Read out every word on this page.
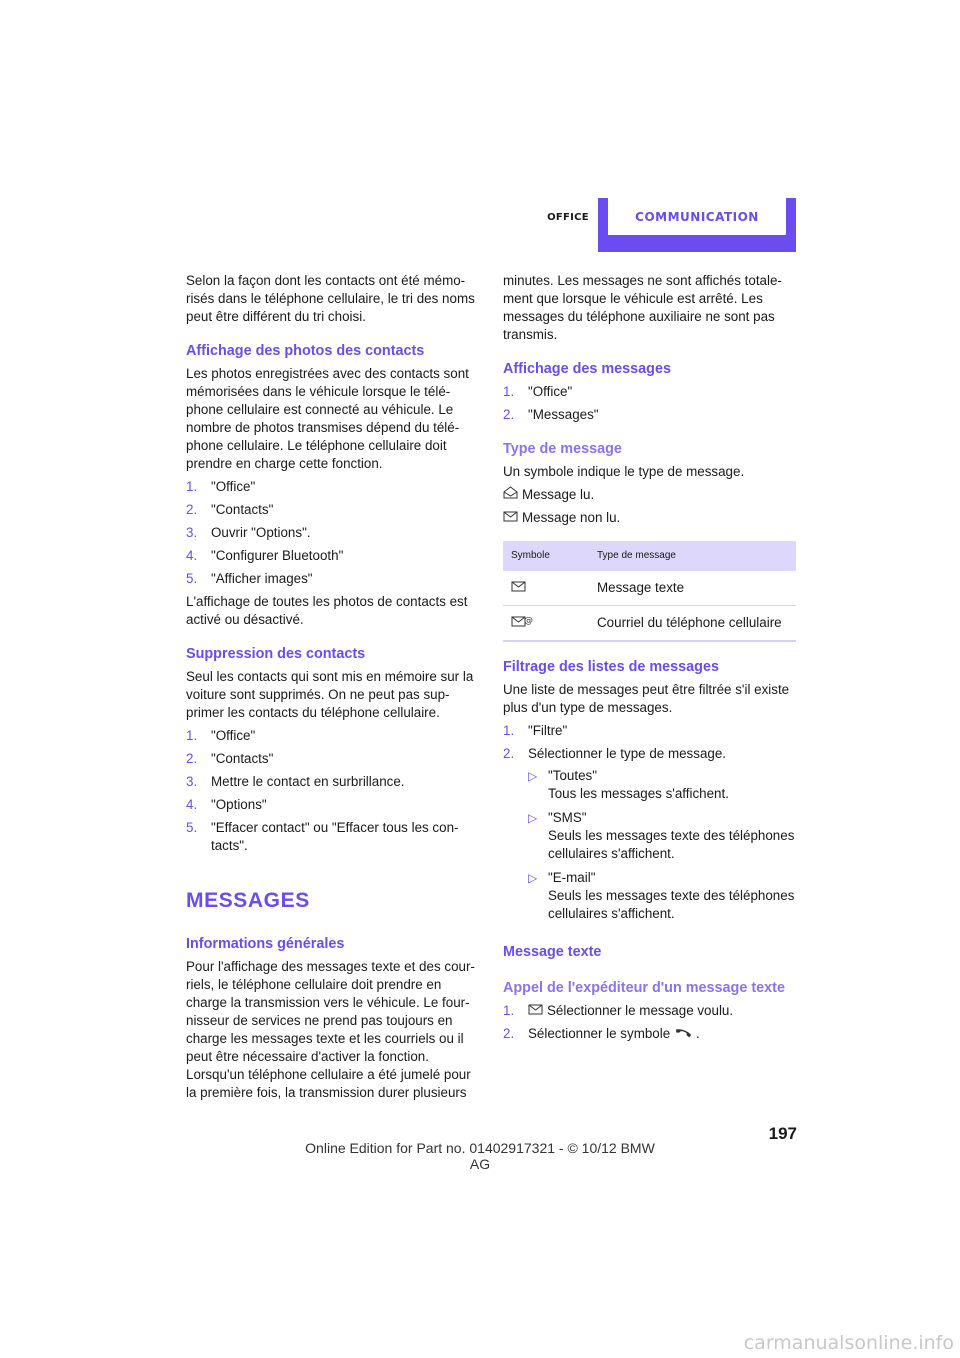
OFFICE	COMMUNICATION

Selon la façon dont les contacts ont été mémo-risés dans le téléphone cellulaire, le tri des noms peut être différent du tri choisi.

Affichage des photos des contacts

Les photos enregistrées avec des contacts sont mémorisées dans le véhicule lorsque le télé-phone cellulaire est connecté au véhicule. Le nombre de photos transmises dépend du télé-phone cellulaire. Le téléphone cellulaire doit prendre en charge cette fonction.

1. "Office"
2. "Contacts"
3. Ouvrir "Options".
4. "Configurer Bluetooth"
5. "Afficher images"

L'affichage de toutes les photos de contacts est activé ou désactivé.

Suppression des contacts

Seul les contacts qui sont mis en mémoire sur la voiture sont supprimés. On ne peut pas sup-primer les contacts du téléphone cellulaire.

1. "Office"
2. "Contacts"
3. Mettre le contact en surbrillance.
4. "Options"
5. "Effacer contact" ou "Effacer tous les con-tacts".
MESSAGES
Informations générales

Pour l'affichage des messages texte et des cour-riels, le téléphone cellulaire doit prendre en charge la transmission vers le véhicule. Le four-nisseur de services ne prend pas toujours en charge les messages texte et les courriels ou il peut être nécessaire d'activer la fonction. Lorsqu'un téléphone cellulaire a été jumelé pour la première fois, la transmission durer plusieurs

minutes. Les messages ne sont affichés totale-ment que lorsque le véhicule est arrêté. Les messages du téléphone auxiliaire ne sont pas transmis.

Affichage des messages
1. "Office"
2. "Messages"
Type de message

Un symbole indique le type de message.

Message lu.
Message non lu.
Symbole	Type de message
	Message texte

@	Courriel du téléphone cellulaire
Filtrage des listes de messages

Une liste de messages peut être filtrée s'il existe plus d'un type de messages.

1. "Filtre"
2. Sélectionner le type de message.
▷ "Toutes"
Tous les messages s'affichent.
▷ "SMS"
Seuls les messages texte des téléphones cellulaires s'affichent.
▷ "E-mail"
Seuls les messages texte des téléphones cellulaires s'affichent.
Message texte
Appel de l'expéditeur d'un message texte
1. Sélectionner le message voulu.
2. Sélectionner le symbole .
197
Online Edition for Part no. 01402917321 - © 10/12 BMW AG
carmanualsonline.info
